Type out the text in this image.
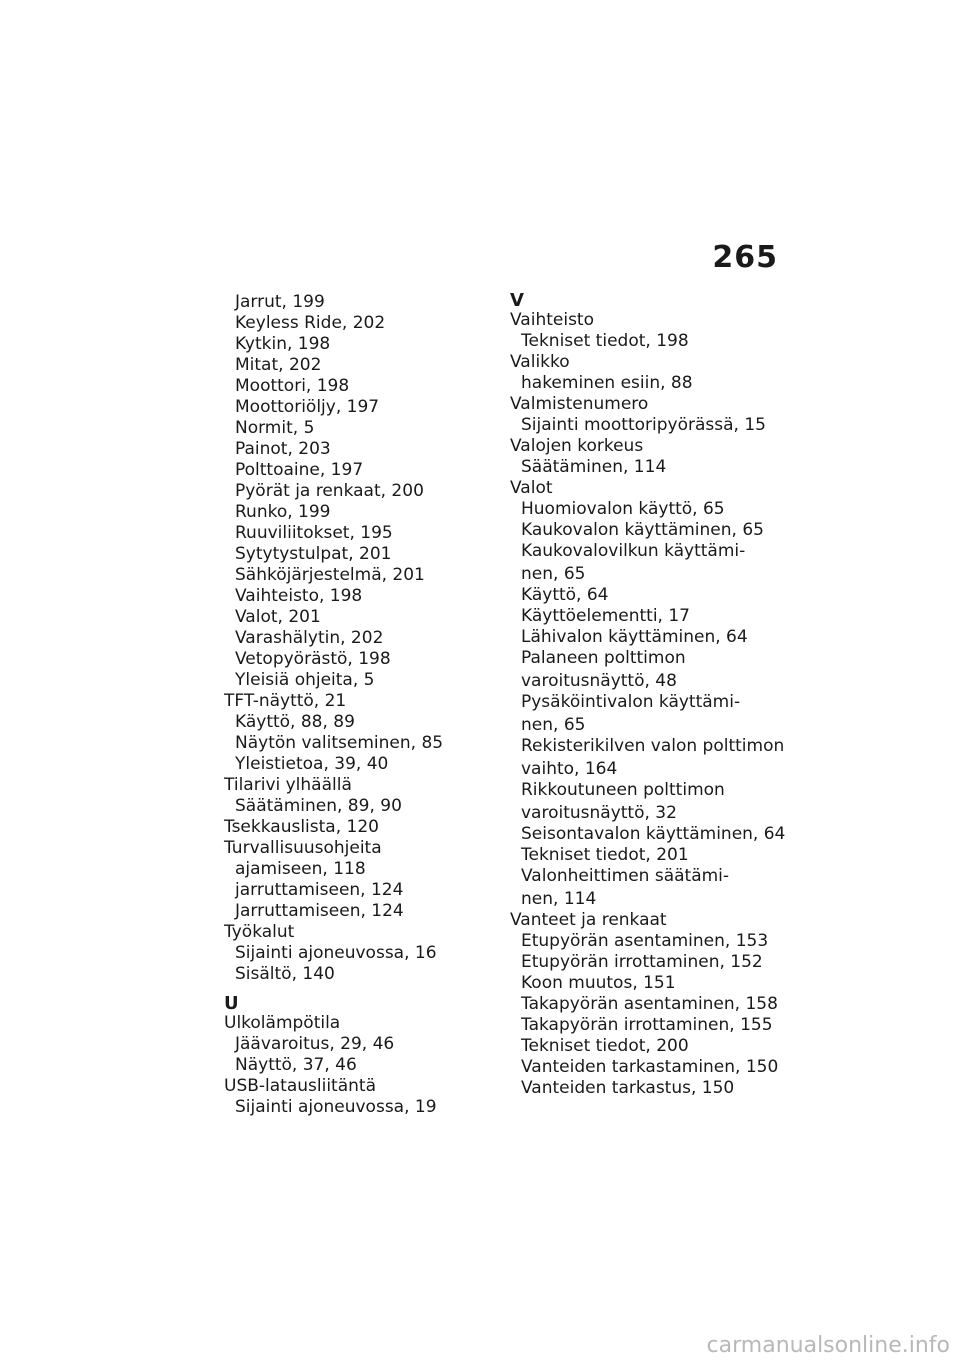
265
Jarrut, 199
Keyless Ride, 202
Kytkin, 198
Mitat, 202
Moottori, 198
Moottoriöljy, 197
Normit, 5
Painot, 203
Polttoaine, 197
Pyörät ja renkaat, 200
Runko, 199
Ruuviliitokset, 195
Sytytystulpat, 201
Sähköjärjestelmä, 201
Vaihteisto, 198
Valot, 201
Varashälytin, 202
Vetopyörästö, 198
Yleisiä ohjeita, 5
TFT-näyttö, 21
Käyttö, 88, 89
Näytön valitseminen, 85
Yleistietoa, 39, 40
Tilarivi ylhäällä
Säätäminen, 89, 90
Tsekkauslista, 120
Turvallisuusohjeita
ajamiseen, 118
jarruttamiseen, 124
Jarruttamiseen, 124
Työkalut
Sijainti ajoneuvossa, 16
Sisältö, 140
U
Ulkolämpötila
Jäävaroitus, 29, 46
Näyttö, 37, 46
USB-latausliitäntä
Sijainti ajoneuvossa, 19
V
Vaihteisto
Tekniset tiedot, 198
Valikko
hakeminen esiin, 88
Valmistenumero
Sijainti moottoripyörässä, 15
Valojen korkeus
Säätäminen, 114
Valot
Huomiovalon käyttö, 65
Kaukovalon käyttäminen, 65
Kaukovalovilkun käyttämi-
nen, 65
Käyttö, 64
Käyttöelementti, 17
Lähivalon käyttäminen, 64
Palaneen polttimon
varoitusnäyttö, 48
Pysäköintivalon käyttämi-
nen, 65
Rekisterikilven valon polttimon
vaihto, 164
Rikkoutuneen polttimon
varoitusnäyttö, 32
Seisontavalon käyttäminen, 64
Tekniset tiedot, 201
Valonheittimen säätämi-
nen, 114
Vanteet ja renkaat
Etupyörän asentaminen, 153
Etupyörän irrottaminen, 152
Koon muutos, 151
Takapyörän asentaminen, 158
Takapyörän irrottaminen, 155
Tekniset tiedot, 200
Vanteiden tarkastaminen, 150
Vanteiden tarkastus, 150
carmanualsonline.info
